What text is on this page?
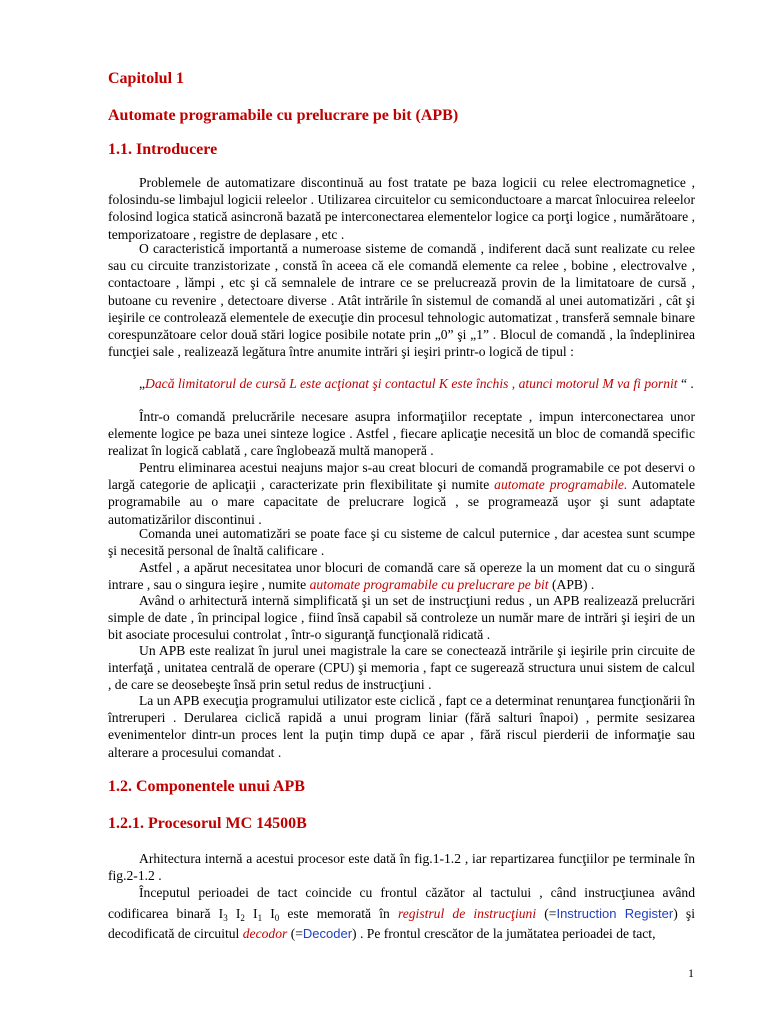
Capitolul 1
Automate programabile cu prelucrare pe bit (APB)
1.1. Introducere

Problemele de automatizare discontinuă au fost tratate pe baza logicii cu relee electromagnetice , folosindu-se limbajul logicii releelor . Utilizarea circuitelor cu semiconductoare a marcat înlocuirea releelor folosind logica statică asincronă bazată pe interconectarea elementelor logice ca porţi logice , numărătoare , temporizatoare , registre de deplasare , etc .

O caracteristică importantă a numeroase sisteme de comandă , indiferent dacă sunt realizate cu relee sau cu circuite tranzistorizate , constă în aceea că ele comandă elemente ca relee , bobine , electrovalve , contactoare , lămpi , etc şi că semnalele de intrare ce se prelucrează provin de la limitatoare de cursă , butoane cu revenire , detectoare diverse . Atât intrările în sistemul de comandă al unei automatizări , cât şi ieşirile ce controlează elementele de execuţie din procesul tehnologic automatizat , transferă semnale binare corespunzătoare celor două stări logice posibile notate prin „0” şi „1” . Blocul de comandă , la îndeplinirea funcţiei sale , realizează legătura între anumite intrări şi ieşiri printr-o logică de tipul :

„Dacă limitatorul de cursă L este acţionat şi contactul K este închis , atunci motorul M va fi pornit “ .

Într-o comandă prelucrările necesare asupra informaţiilor receptate , impun interconectarea unor elemente logice pe baza unei sinteze logice . Astfel , fiecare aplicaţie necesită un bloc de comandă specific realizat în logică cablată , care înglobează multă manoperă .

Pentru eliminarea acestui neajuns major s-au creat blocuri de comandă programabile ce pot deservi o largă categorie de aplicaţii , caracterizate prin flexibilitate şi numite automate programabile. Automatele programabile au o mare capacitate de prelucrare logică , se programează uşor şi sunt adaptate automatizărilor discontinui .

Comanda unei automatizări se poate face şi cu sisteme de calcul puternice , dar acestea sunt scumpe şi necesită personal de înaltă calificare .

Astfel , a apărut necesitatea unor blocuri de comandă care să opereze la un moment dat cu o singură intrare , sau o singura ieşire , numite automate programabile cu prelucrare pe bit (APB) .

Având o arhitectură internă simplificată şi un set de instrucţiuni redus , un APB realizează prelucrări simple de date , în principal logice , fiind însă capabil să controleze un număr mare de intrări şi ieşiri de un bit asociate procesului controlat , într-o siguranţă funcţională ridicată .

Un APB este realizat în jurul unei magistrale la care se conectează intrările şi ieşirile prin circuite de interfaţă , unitatea centrală de operare (CPU) şi memoria , fapt ce sugerează structura unui sistem de calcul , de care se deosebeşte însă prin setul redus de instrucţiuni .

La un APB execuţia programului utilizator este ciclică , fapt ce a determinat renunţarea funcţionării în întreruperi . Derularea ciclică rapidă a unui program liniar (fără salturi înapoi) , permite sesizarea evenimentelor dintr-un proces lent la puţin timp după ce apar , fără riscul pierderii de informaţie sau alterare a procesului comandat .

1.2. Componentele unui APB
1.2.1. Procesorul MC 14500B

Arhitectura internă a acestui procesor este dată în fig.1-1.2 , iar repartizarea funcţiilor pe terminale în fig.2-1.2 .

Începutul perioadei de tact coincide cu frontul căzător al tactului , când instrucţiunea având codificarea binară $I_3$ $I_2$ $I_1$ $I_0$ este memorată în registrul de instrucţiuni (=Instruction Register) şi decodificată de circuitul decodor (=Decoder) . Pe frontul crescător de la jumătatea perioadei de tact,

1
